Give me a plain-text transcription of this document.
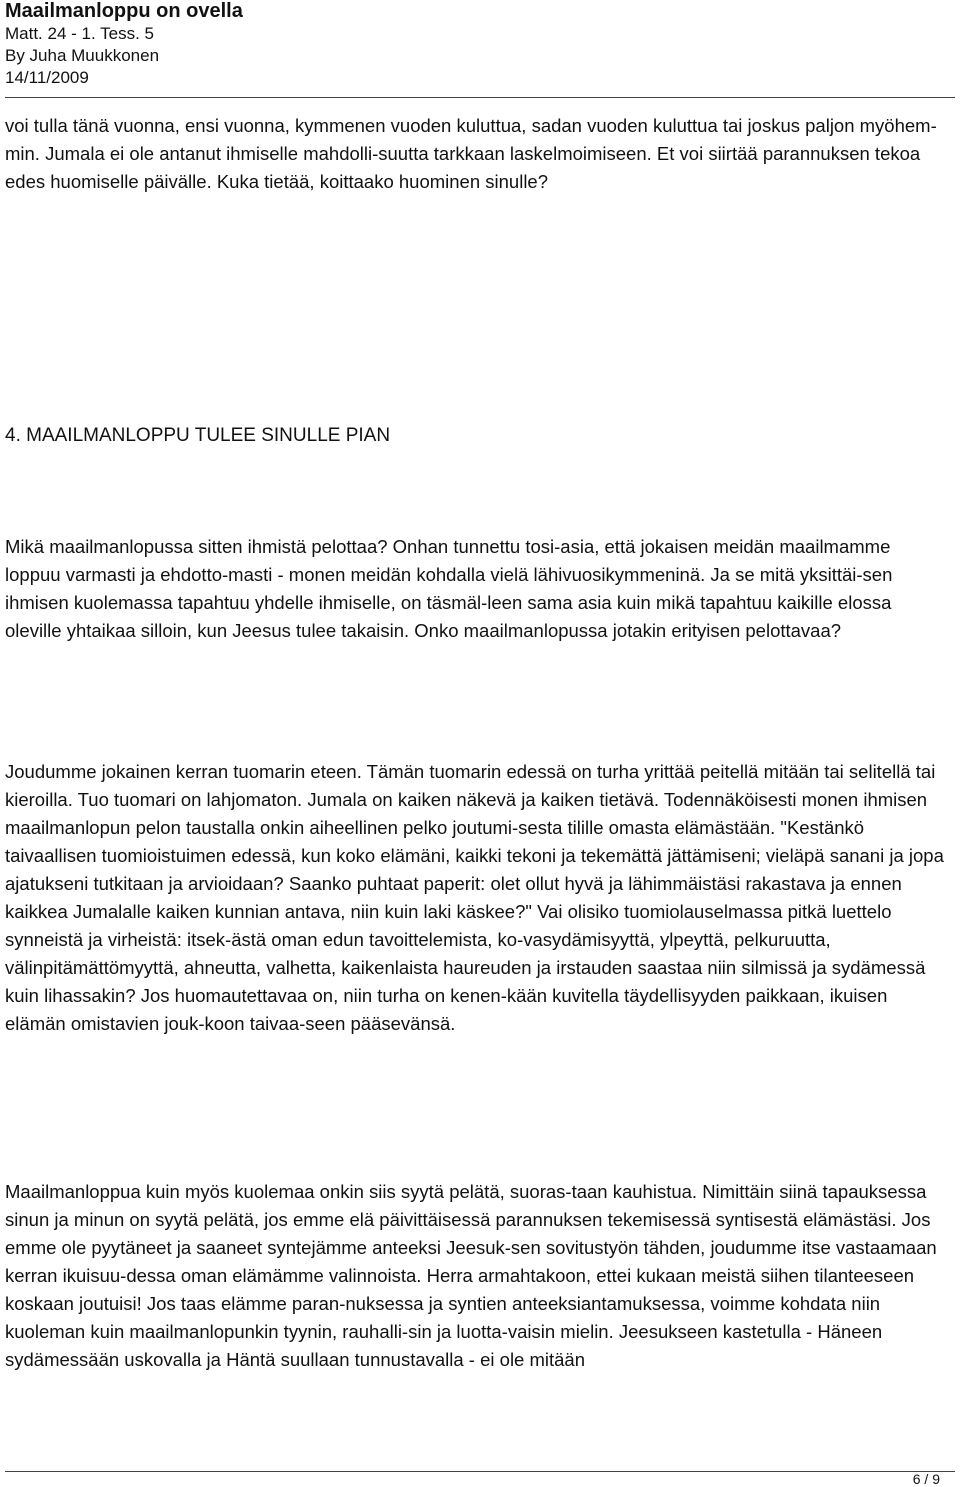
Maailmanloppu on ovella
Matt. 24 - 1. Tess. 5
By Juha Muukkonen
14/11/2009

voi tulla tänä vuonna, ensi vuonna, kymmenen vuoden kuluttua, sadan vuoden kuluttua tai joskus paljon myöhem-min. Jumala ei ole antanut ihmiselle mahdolli-suutta tarkkaan laskelmoimiseen. Et voi siirtää parannuksen tekoa edes huomiselle päivälle. Kuka tietää, koittaako huominen sinulle?

4. MAAILMANLOPPU TULEE SINULLE PIAN

Mikä maailmanlopussa sitten ihmistä pelottaa? Onhan tunnettu tosi-asia, että jokaisen meidän maailmamme loppuu varmasti ja ehdotto-masti - monen meidän kohdalla vielä lähivuosikymmeninä. Ja se mitä yksittäi-sen ihmisen kuolemassa tapahtuu yhdelle ihmiselle, on täsmäl-leen sama asia kuin mikä tapahtuu kaikille elossa oleville yhtaikaa silloin, kun Jeesus tulee takaisin. Onko maailmanlopussa jotakin erityisen pelottavaa?

Joudumme jokainen kerran tuomarin eteen. Tämän tuomarin edessä on turha yrittää peitellä mitään tai selitellä tai kieroilla. Tuo tuomari on lahjomaton. Jumala on kaiken näkevä ja kaiken tietävä. Todennäköisesti monen ihmisen maailmanlopun pelon taustalla onkin aiheellinen pelko joutumi-sesta tilille omasta elämästään. "Kestänkö taivaallisen tuomioistuimen edessä, kun koko elämäni, kaikki tekoni ja tekemättä jättämiseni; vieläpä sanani ja jopa ajatukseni tutkitaan ja arvioidaan? Saanko puhtaat paperit: olet ollut hyvä ja lähimmäistäsi rakastava ja ennen kaikkea Jumalalle kaiken kunnian antava, niin kuin laki käskee?" Vai olisiko tuomiolauselmassa pitkä luettelo synneistä ja virheistä: itsek-ästä oman edun tavoittelemista, ko-vasydämisyyttä, ylpeyttä, pelkuruutta, välinpitämättömyyttä, ahneutta, valhetta, kaikenlaista haureuden ja irstauden saastaa niin silmissä ja sydämessä kuin lihassakin? Jos huomautettavaa on, niin turha on kenen-kään kuvitella täydellisyyden paikkaan, ikuisen elämän omistavien jouk-koon taivaa-seen pääsevänsä.

Maailmanloppua kuin myös kuolemaa onkin siis syytä pelätä, suoras-taan kauhistua. Nimittäin siinä tapauksessa sinun ja minun on syytä pelätä, jos emme elä päivittäisessä parannuksen tekemisessä syntisestä elämästäsi. Jos emme ole pyytäneet ja saaneet syntejämme anteeksi Jeesuk-sen sovitustyön tähden, joudumme itse vastaamaan kerran ikuisuu-dessa oman elämämme valinnoista. Herra armahtakoon, ettei kukaan meistä siihen tilanteeseen koskaan joutuisi! Jos taas elämme paran-nuksessa ja syntien anteeksiantamuksessa, voimme kohdata niin kuoleman kuin maailmanlopunkin tyynin, rauhalli-sin ja luotta-vaisin mielin. Jeesukseen kastetulla - Häneen sydämessään uskovalla ja Häntä suullaan tunnustavalla - ei ole mitään

6 / 9
